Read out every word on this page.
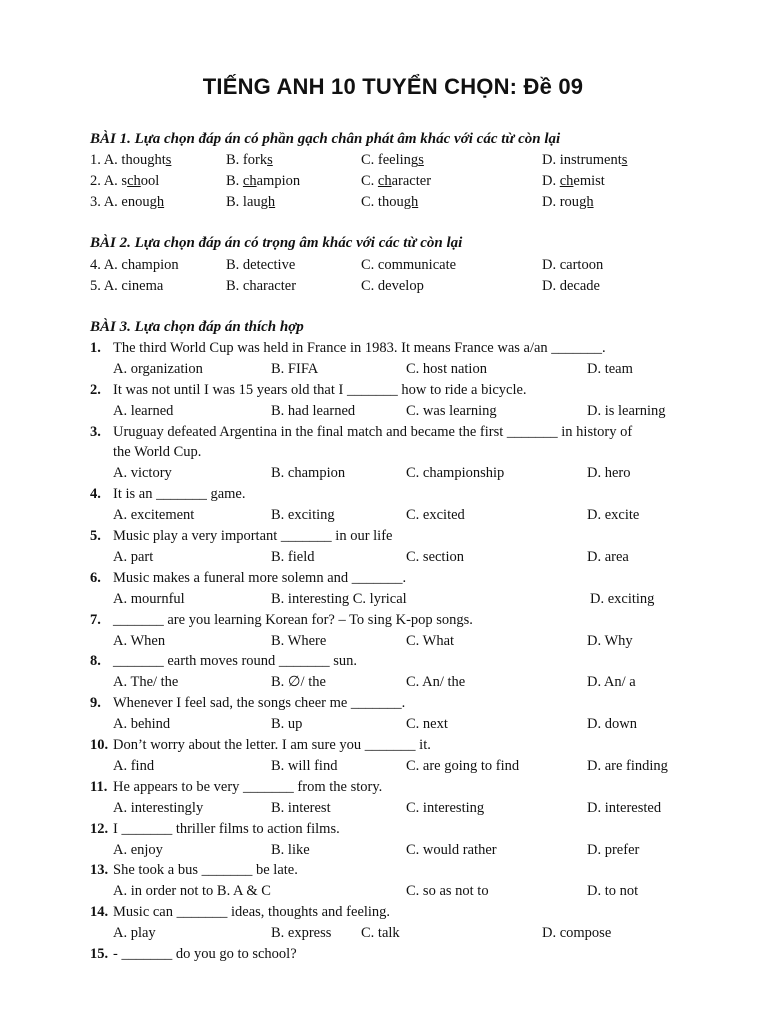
TIẾNG ANH 10 TUYỂN CHỌN: Đề 09
BÀI 1. Lựa chọn đáp án có phần gạch chân phát âm khác với các từ còn lại
1. A. thoughts	B. forks	C. feelings	D. instruments
2. A. school	B. champion	C. character	D. chemist
3. A. enough	B. laugh	C. though	D. rough
BÀI 2. Lựa chọn đáp án có trọng âm khác với các từ còn lại
4. A. champion	B. detective	C. communicate	D. cartoon
5. A. cinema	B. character	C. develop	D. decade
BÀI 3. Lựa chọn đáp án thích hợp
1. The third World Cup was held in France in 1983. It means France was a/an _______.
A. organization	B. FIFA	C. host nation	D. team
2. It was not until I was 15 years old that I _______ how to ride a bicycle.
A. learned	B. had learned	C. was learning	D. is learning
3. Uruguay defeated Argentina in the final match and became the first _______ in history of
the World Cup.
A. victory	B. champion	C. championship	D. hero
4. It is an _______ game.
A. excitement	B. exciting	C. excited	D. excite
5. Music play a very important _______ in our life
A. part	B. field	C. section	D. area
6. Music makes a funeral more solemn and _______.
A. mournful	B. interesting C. lyrical	D. exciting
7. _______ are you learning Korean for? – To sing K-pop songs.
A. When	B. Where	C. What	D. Why
8. _______ earth moves round _______ sun.
A. The/ the	B. ∅/ the	C. An/ the	D. An/ a
9. Whenever I feel sad, the songs cheer me _______.
A. behind	B. up	C. next	D. down
10. Don’t worry about the letter. I am sure you _______ it.
A. find	B. will find	C. are going to find	D. are finding
11. He appears to be very _______ from the story.
A. interestingly	B. interest	C. interesting	D. interested
12. I _______ thriller films to action films.
A. enjoy	B. like	C. would rather	D. prefer
13. She took a bus _______ be late.
A. in order not to B. A & C	C. so as not to	D. to not
14. Music can _______ ideas, thoughts and feeling.
A. play	B. express C. talk	D. compose
15. - _______ do you go to school?
